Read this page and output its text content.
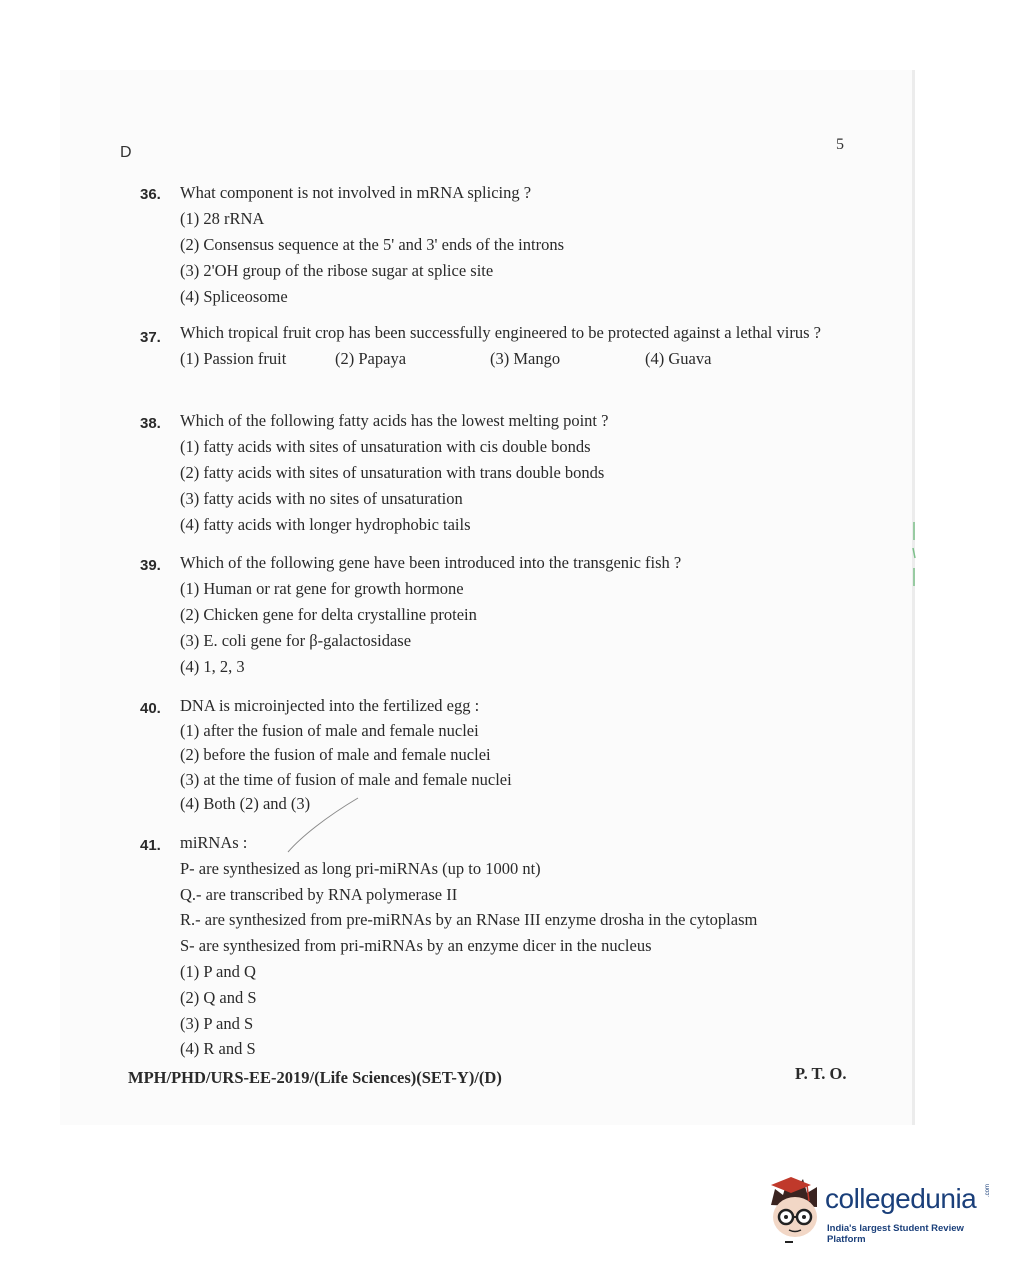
D	5
36. What component is not involved in mRNA splicing ?
(1) 28 rRNA
(2) Consensus sequence at the 5' and 3' ends of the introns
(3) 2'OH group of the ribose sugar at splice site
(4) Spliceosome
37. Which tropical fruit crop has been successfully engineered to be protected against a lethal virus ?
(1) Passion fruit	(2) Papaya	(3) Mango	(4) Guava
38. Which of the following fatty acids has the lowest melting point ?
(1) fatty acids with sites of unsaturation with cis double bonds
(2) fatty acids with sites of unsaturation with trans double bonds
(3) fatty acids with no sites of unsaturation
(4) fatty acids with longer hydrophobic tails
39. Which of the following gene have been introduced into the transgenic fish ?
(1) Human or rat gene for growth hormone
(2) Chicken gene for delta crystalline protein
(3) E. coli gene for β-galactosidase
(4) 1, 2, 3
40. DNA is microinjected into the fertilized egg :
(1) after the fusion of male and female nuclei
(2) before the fusion of male and female nuclei
(3) at the time of fusion of male and female nuclei
(4) Both (2) and (3)
41. miRNAs :
P- are synthesized as long pri-miRNAs (up to 1000 nt)
Q.- are transcribed by RNA polymerase II
R.- are synthesized from pre-miRNAs by an RNase III enzyme drosha in the cytoplasm
S- are synthesized from pri-miRNAs by an enzyme dicer in the nucleus
(1) P and Q
(2) Q and S
(3) P and S
(4) R and S
MPH/PHD/URS-EE-2019/(Life Sciences)(SET-Y)/(D)	P. T. O.
collegedunia .com
India's largest Student Review Platform
